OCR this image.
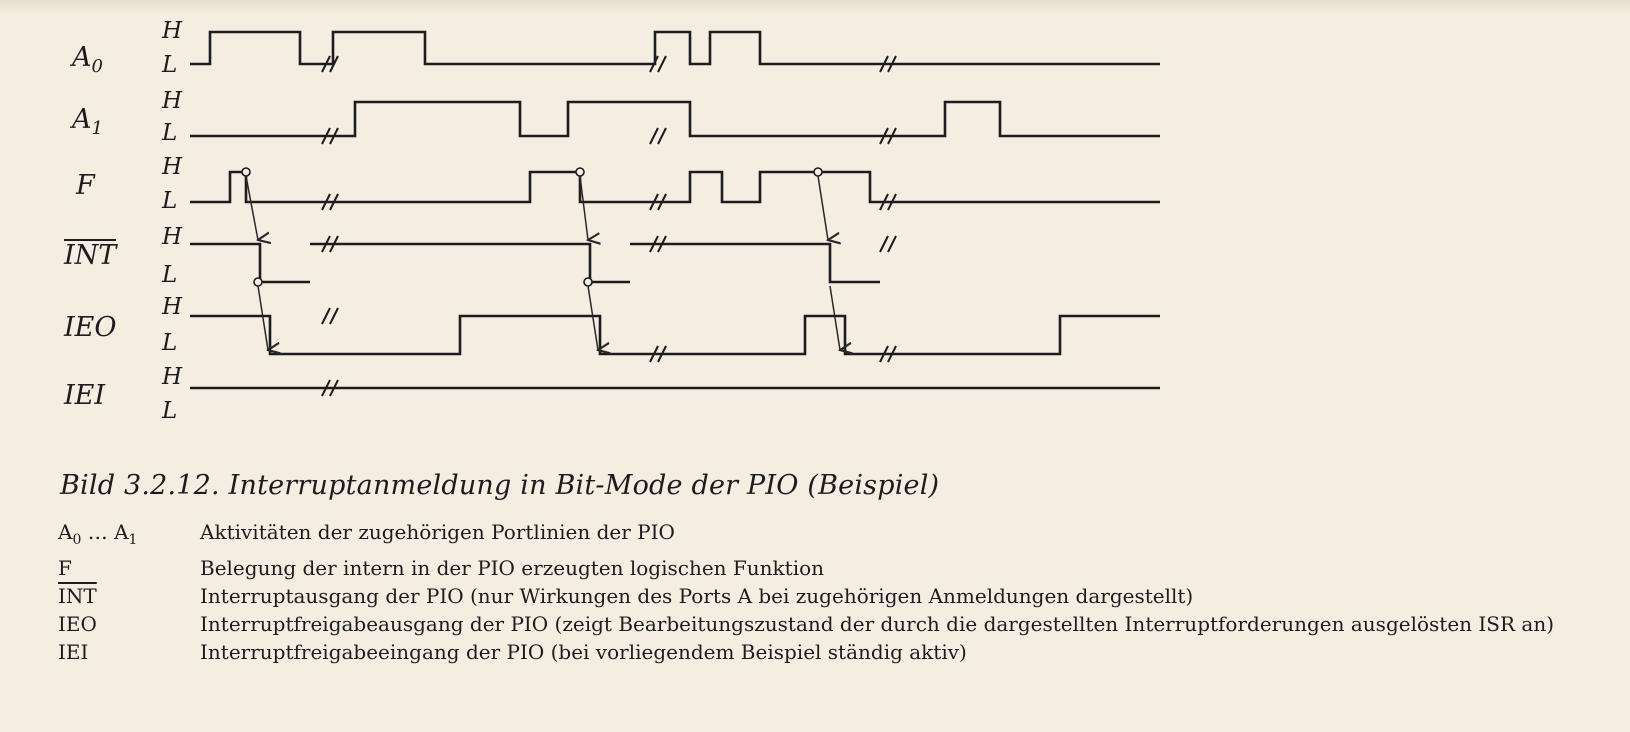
$A_0$
$A_1$
F
INT
IEO
IEI
H
L
H
L
H
L
H
L
H
L
H
L
Bild 3.2.12. Interruptanmeldung in Bit-Mode der PIO (Beispiel)
$A_0$ … $A_1$	Aktivitäten der zugehörigen Portlinien der PIO
F	Belegung der intern in der PIO erzeugten logischen Funktion
$\overline{INT}$	Interruptausgang der PIO (nur Wirkungen des Ports A bei zugehörigen Anmeldungen dargestellt)
IEO	Interruptfreigabeausgang der PIO (zeigt Bearbeitungszustand der durch die dargestellten Interruptforderungen ausgelösten ISR an)
IEI	Interruptfreigabeeingang der PIO (bei vorliegendem Beispiel ständig aktiv)
